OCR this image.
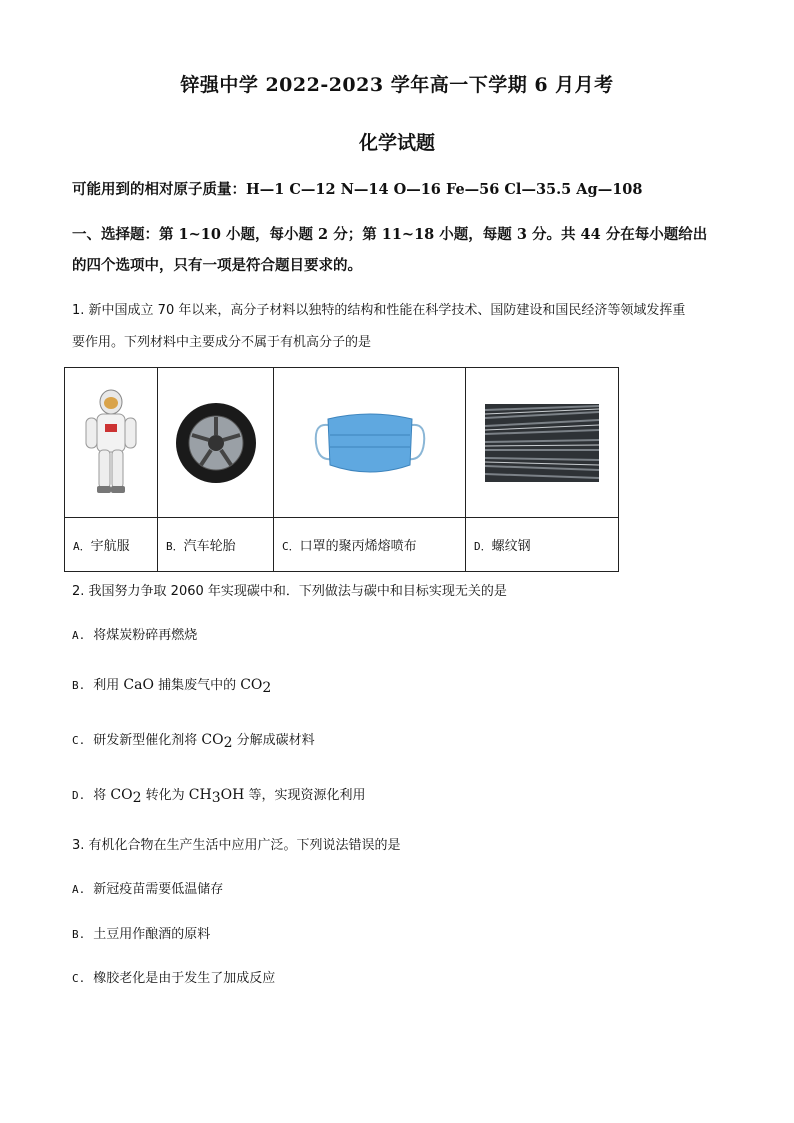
锌强中学 2022-2023 学年高一下学期 6 月月考
化学试题
可能用到的相对原子质量：H—1 C—12 N—14 O—16 Fe—56 Cl—35.5 Ag—108
一、选择题：第 1~10 小题，每小题 2 分；第 11~18 小题，每题 3 分。共 44 分在每小题给出
的四个选项中，只有一项是符合题目要求的。
1. 新中国成立 70 年以来，高分子材料以独特的结构和性能在科学技术、国防建设和国民经济等领域发挥重
要作用。下列材料中主要成分不属于有机高分子的是

A．宇航服	B．汽车轮胎	C．口罩的聚丙烯熔喷布	D．螺纹钢
2. 我国努力争取 2060 年实现碳中和．下列做法与碳中和目标实现无关的是
A. 将煤炭粉碎再燃烧
B. 利用 CaO 捕集废气中的 $CO_2$
C. 研发新型催化剂将 $CO_2$ 分解成碳材料
D. 将 $CO_2$ 转化为 $CH_3OH$ 等，实现资源化利用
3. 有机化合物在生产生活中应用广泛。下列说法错误的是
A. 新冠疫苗需要低温储存
B. 土豆用作酿酒的原料
C. 橡胶老化是由于发生了加成反应
